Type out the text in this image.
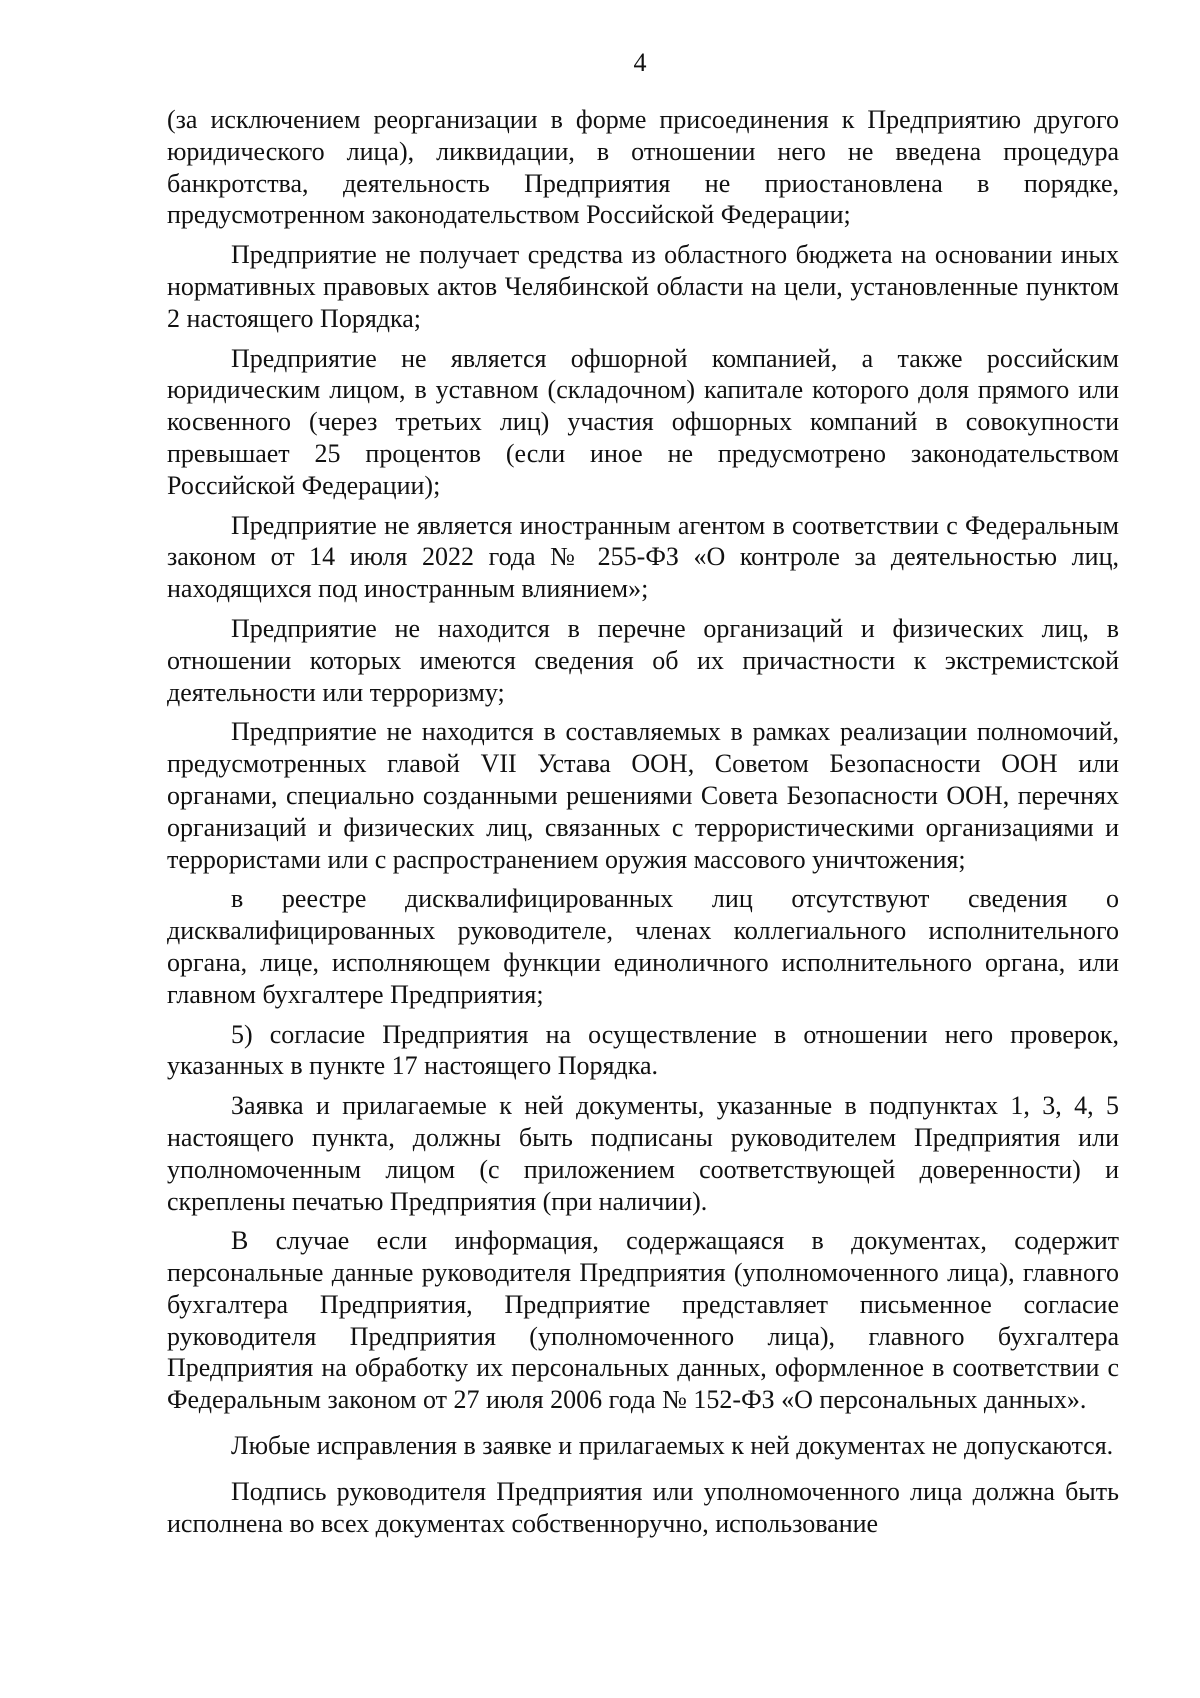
4

(за исключением реорганизации в форме присоединения к Предприятию другого юридического лица), ликвидации, в отношении него не введена процедура банкротства, деятельность Предприятия не приостановлена в порядке, предусмотренном законодательством Российской Федерации;

Предприятие не получает средства из областного бюджета на основании иных нормативных правовых актов Челябинской области на цели, установленные пунктом 2 настоящего Порядка;

Предприятие не является офшорной компанией, а также российским юридическим лицом, в уставном (складочном) капитале которого доля прямого или косвенного (через третьих лиц) участия офшорных компаний в совокупности превышает 25 процентов (если иное не предусмотрено законодательством Российской Федерации);

Предприятие не является иностранным агентом в соответствии с Федеральным законом от 14 июля 2022 года № 255-ФЗ «О контроле за деятельностью лиц, находящихся под иностранным влиянием»;

Предприятие не находится в перечне организаций и физических лиц, в отношении которых имеются сведения об их причастности к экстремистской деятельности или терроризму;

Предприятие не находится в составляемых в рамках реализации полномочий, предусмотренных главой VII Устава ООН, Советом Безопасности ООН или органами, специально созданными решениями Совета Безопасности ООН, перечнях организаций и физических лиц, связанных с террористическими организациями и террористами или с распространением оружия массового уничтожения;

в реестре дисквалифицированных лиц отсутствуют сведения о дисквалифицированных руководителе, членах коллегиального исполнительного органа, лице, исполняющем функции единоличного исполнительного органа, или главном бухгалтере Предприятия;

5) согласие Предприятия на осуществление в отношении него проверок, указанных в пункте 17 настоящего Порядка.

Заявка и прилагаемые к ней документы, указанные в подпунктах 1, 3, 4, 5 настоящего пункта, должны быть подписаны руководителем Предприятия или уполномоченным лицом (с приложением соответствующей доверенности) и скреплены печатью Предприятия (при наличии).

В случае если информация, содержащаяся в документах, содержит персональные данные руководителя Предприятия (уполномоченного лица), главного бухгалтера Предприятия, Предприятие представляет письменное согласие руководителя Предприятия (уполномоченного лица), главного бухгалтера Предприятия на обработку их персональных данных, оформленное в соответствии с Федеральным законом от 27 июля 2006 года № 152-ФЗ «О персональных данных».

Любые исправления в заявке и прилагаемых к ней документах не допускаются.

Подпись руководителя Предприятия или уполномоченного лица должна быть исполнена во всех документах собственноручно, использование
